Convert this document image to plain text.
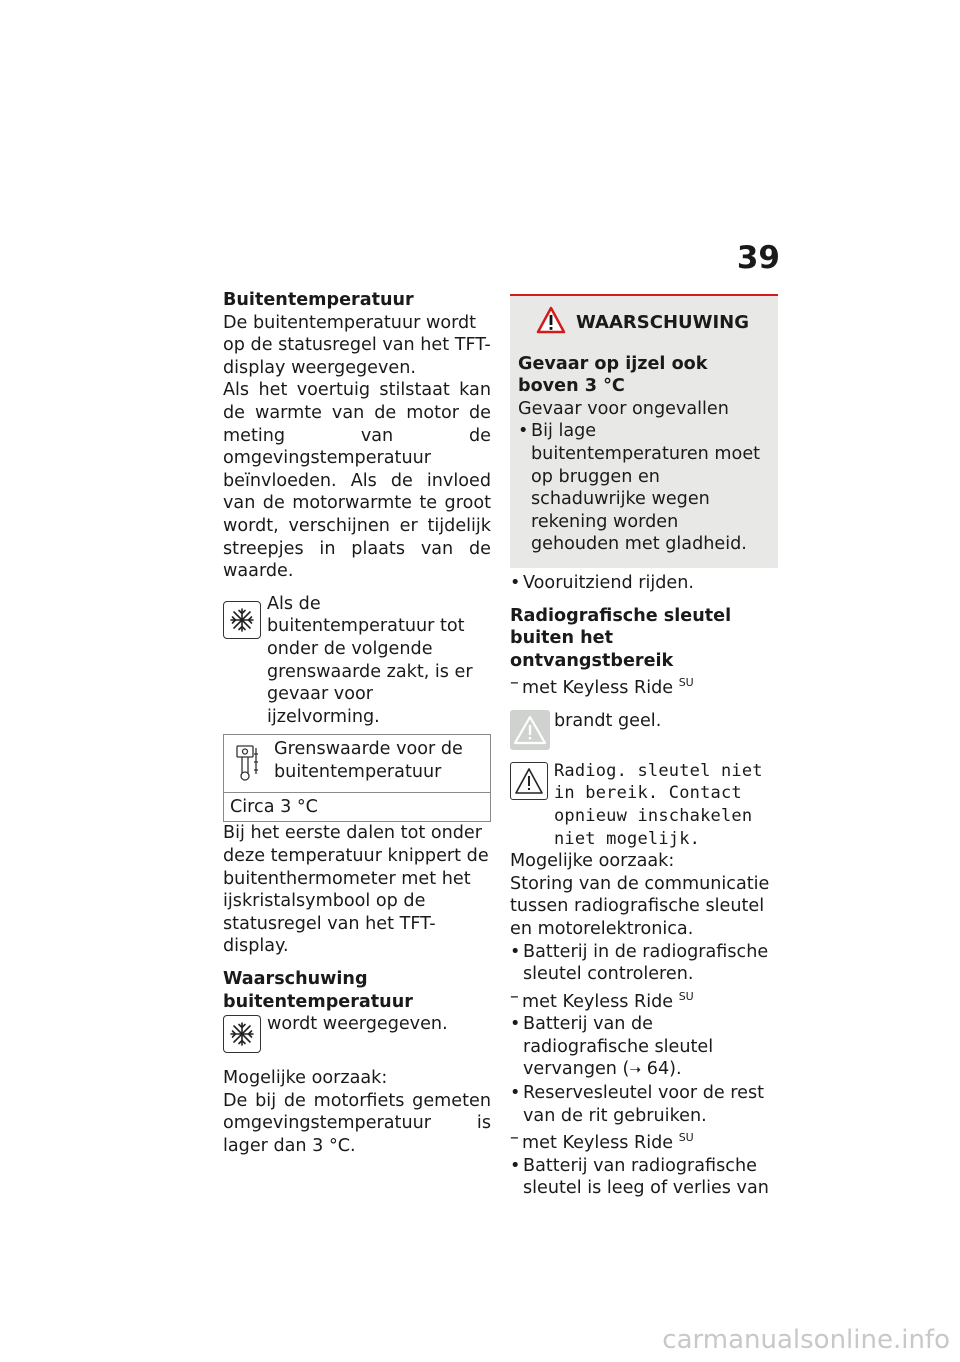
39

Buitentemperatuur

De buitentemperatuur wordt op de statusregel van het TFT-display weergegeven.

Als het voertuig stilstaat kan de warmte van de motor de meting van de omgevingstemperatuur beïnvloeden. Als de invloed van de motorwarmte te groot wordt, verschijnen er tijdelijk streepjes in plaats van de waarde.

Als de buitentemperatuur tot onder de volgende grenswaarde zakt, is er gevaar voor ijzelvorming.

Grenswaarde voor de buitentemperatuur

Circa 3 °C

Bij het eerste dalen tot onder deze temperatuur knippert de buitenthermometer met het ijskristalsymbool op de statusregel van het TFT-display.

Waarschuwing buitentemperatuur

wordt weergegeven.

Mogelijke oorzaak:

De bij de motorfiets gemeten omgevingstemperatuur is lager dan 3 °C.

WAARSCHUWING

Gevaar op ijzel ook boven 3 °C

Gevaar voor ongevallen

• Bij lage buitentemperaturen moet op bruggen en schaduwrijke wegen rekening worden gehouden met gladheid.
• Vooruitziend rijden.

Radiografische sleutel buiten het ontvangstbereik

– met Keyless Ride $^{SU}$

brandt geel.

Radiog. sleutel niet in bereik. Contact opnieuw inschakelen niet mogelijk.

Mogelijke oorzaak:

Storing van de communicatie tussen radiografische sleutel en motorelektronica.

• Batterij in de radiografische sleutel controleren.

– met Keyless Ride $^{SU}$

• Batterij van de radiografische sleutel vervangen (➝ 64).
• Reservesleutel voor de rest van de rit gebruiken.

– met Keyless Ride $^{SU}$

• Batterij van radiografische sleutel is leeg of verlies van
carmanualsonline.info
